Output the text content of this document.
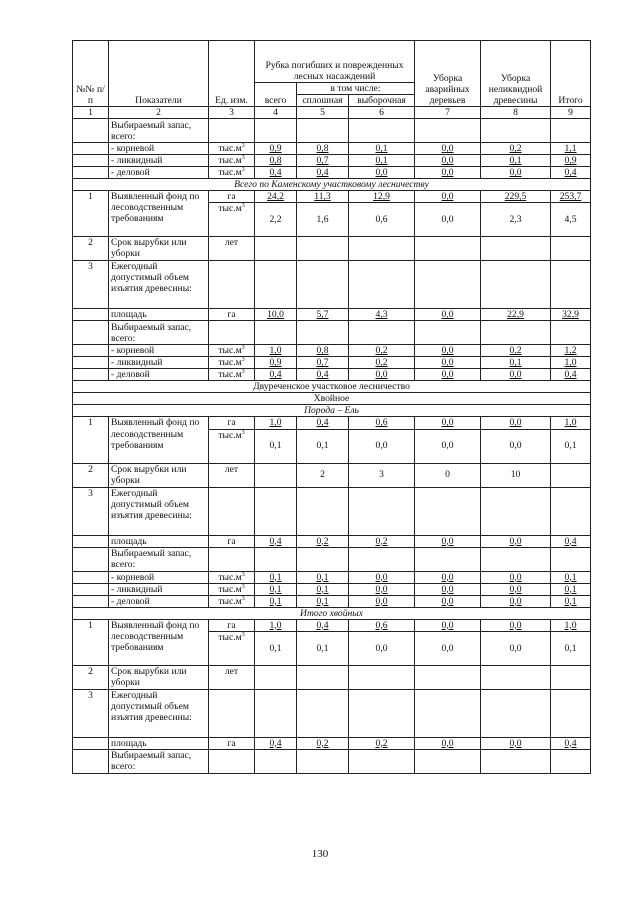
№№ п/п	Показатели	Ед. изм.	Рубка погибших и поврежденных лесных насаждений			Уборка аварийных деревьев	Уборка неликвидной древесины	Итого
			всего	в том числе:				
				сплошная	выборочная			
1	2	3	4	5	6	7	8	9
	Выбираемый запас, всего:							
	- корневой	$тыс.м^3$	0,9	0,8	0,1	0,0	0,2	1,1
	- ликвидный	$тыс.м^3$	0,8	0,7	0,1	0,0	0,1	0,9
	- деловой	$тыс.м^3$	0,4	0,4	0,0	0,0	0,0	0,4
Всего по Каменскому участковому лесничеству								
1	Выявленный фонд по лесоводственным требованиям	га	24,2	11,3	12,9	0,0	229,5	253,7
		$тыс.м^3$	2,2	1,6	0,6	0,0	2,3	4,5
2	Срок вырубки или уборки	лет						
3	Ежегодный допустимый объем изъятия древесины:							
	площадь	га	10,0	5,7	4,3	0,0	22,9	32,9
	Выбираемый запас, всего:							
	- корневой	$тыс.м^3$	1,0	0,8	0,2	0,0	0,2	1,2
	- ликвидный	$тыс.м^3$	0,9	0,7	0,2	0,0	0,1	1,0
	- деловой	$тыс.м^3$	0,4	0,4	0,0	0,0	0,0	0,4
Двуреченское участковое лесничество								
Хвойное								
Порода – Ель								
1	Выявленный фонд по лесоводственным требованиям	га	1,0	0,4	0,6	0,0	0,0	1,0
		$тыс.м^3$	0,1	0,1	0,0	0,0	0,0	0,1
2	Срок вырубки или уборки	лет		2	3	0	10	
3	Ежегодный допустимый объем изъятия древесины:							
	площадь	га	0,4	0,2	0,2	0,0	0,0	0,4
	Выбираемый запас, всего:							
	- корневой	$тыс.м^3$	0,1	0,1	0,0	0,0	0,0	0,1
	- ликвидный	$тыс.м^3$	0,1	0,1	0,0	0,0	0,0	0,1
	- деловой	$тыс.м^3$	0,1	0,1	0,0	0,0	0,0	0,1
Итого хвойных								
1	Выявленный фонд по лесоводственным требованиям	га	1,0	0,4	0,6	0,0	0,0	1,0
		$тыс.м^3$	0,1	0,1	0,0	0,0	0,0	0,1
2	Срок вырубки или уборки	лет						
3	Ежегодный допустимый объем изъятия древесины:							
	площадь	га	0,4	0,2	0,2	0,0	0,0	0,4
	Выбираемый запас, всего:							
130
